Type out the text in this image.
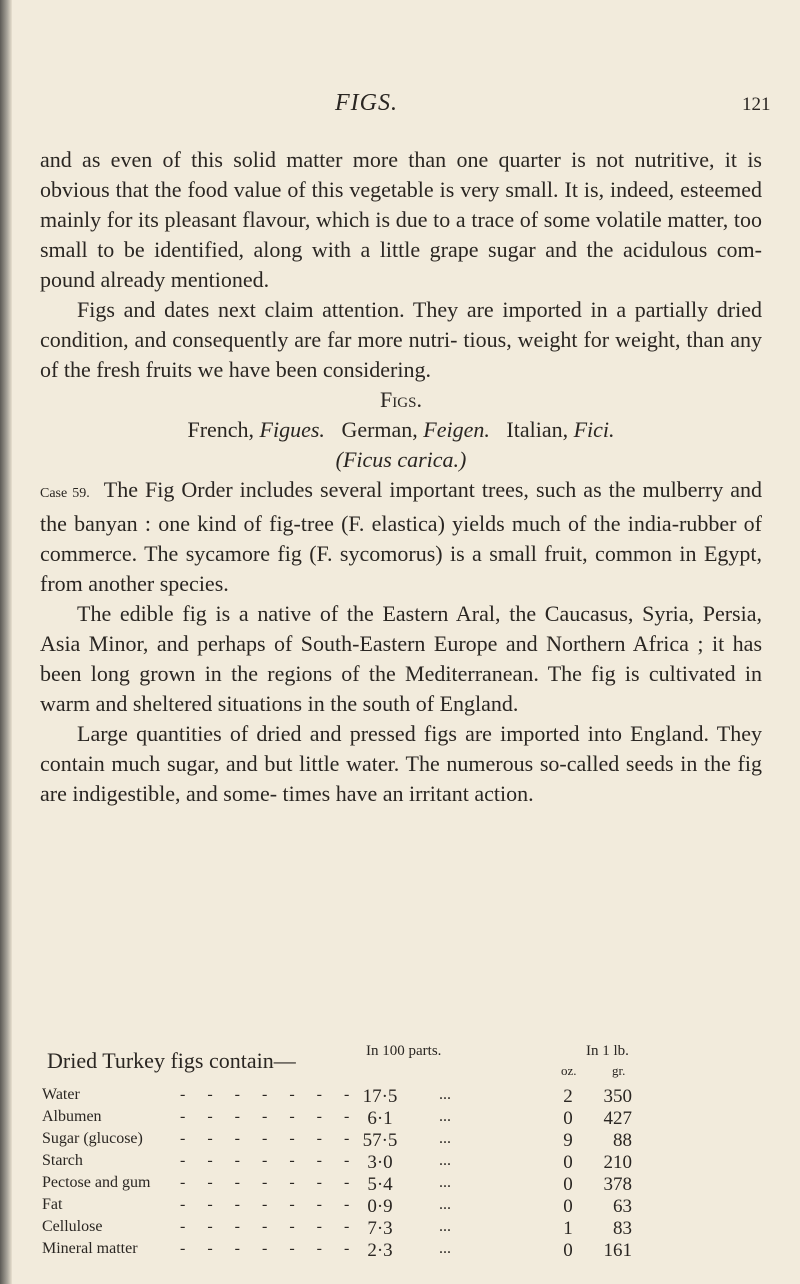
FIGS.	121

and as even of this solid matter more than one quarter is not nutritive, it is obvious that the food value of this vegetable is very small. It is, indeed, esteemed mainly for its pleasant flavour, which is due to a trace of some volatile matter, too small to be identified, along with a little grape sugar and the acidulous com- pound already mentioned.

Figs and dates next claim attention. They are imported in a partially dried condition, and consequently are far more nutri- tious, weight for weight, than any of the fresh fruits we have been considering.

Figs.

French, Figues. German, Feigen. Italian, Fici.

(Ficus carica.)

Case 59. The Fig Order includes several important trees, such as the mulberry and the banyan : one kind of fig-tree (F. elastica) yields much of the india-rubber of commerce. The sycamore fig (F. sycomorus) is a small fruit, common in Egypt, from another species.

The edible fig is a native of the Eastern Aral, the Caucasus, Syria, Persia, Asia Minor, and perhaps of South-Eastern Europe and Northern Africa ; it has been long grown in the regions of the Mediterranean. The fig is cultivated in warm and sheltered situations in the south of England.

Large quantities of dried and pressed figs are imported into England. They contain much sugar, and but little water. The numerous so-called seeds in the fig are indigestible, and some- times have an irritant action.

Dried Turkey figs contain—	In 100 parts.	In 1 lb.
oz.	gr.
Water	- - - - - - - 17·5	...	2	350
Albumen	- - - - - - - 6·1	...	0	427
Sugar (glucose) - - - - - - - 57·5	...	9	88
Starch	- - - - - - - 3·0	...	0	210
Pectose and gum - - - - - - - 5·4	...	0	378
Fat	- - - - - - - 0·9	...	0	63
Cellulose	- - - - - - - 7·3	...	1	83
Mineral matter	- - - - - - - 2·3	...	0	161
